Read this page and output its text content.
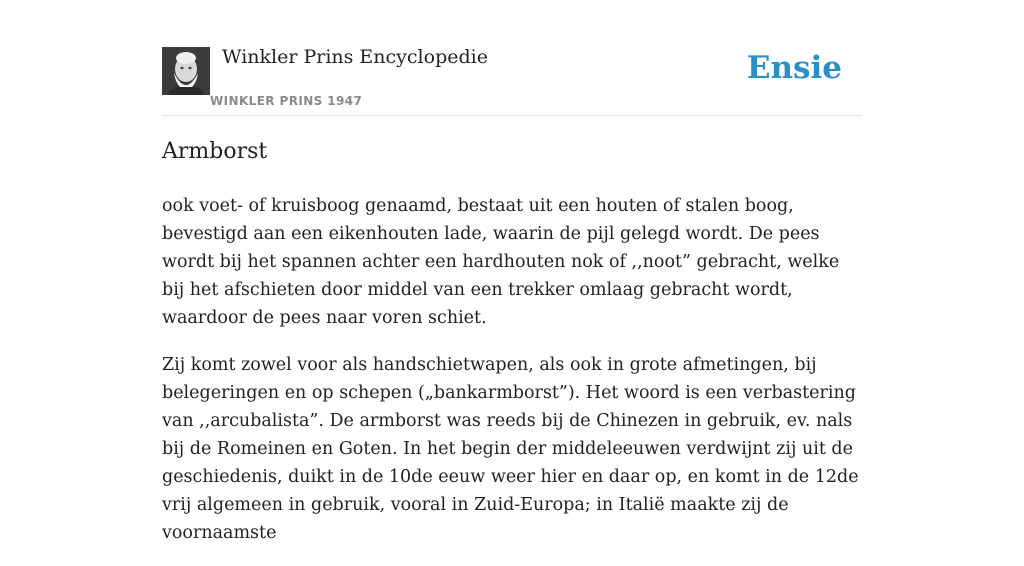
Winkler Prins Encyclopedie
WINKLER PRINS 1947
Ensie
Armborst

ook voet- of kruisboog genaamd, bestaat uit een houten of stalen boog, bevestigd aan een eikenhouten lade, waarin de pijl gelegd wordt. De pees wordt bij het spannen achter een hardhouten nok of ,,noot” gebracht, welke bij het afschieten door middel van een trekker omlaag gebracht wordt, waardoor de pees naar voren schiet.

Zij komt zowel voor als handschietwapen, als ook in grote afmetingen, bij belegeringen en op schepen („bankarmborst”). Het woord is een verbastering van ,,arcubalista”. De armborst was reeds bij de Chinezen in gebruik, ev. nals bij de Romeinen en Goten. In het begin der middeleeuwen verdwijnt zij uit de geschiedenis, duikt in de 10de eeuw weer hier en daar op, en komt in de 12de vrij algemeen in gebruik, vooral in Zuid-Europa; in Italië maakte zij de voornaamste
